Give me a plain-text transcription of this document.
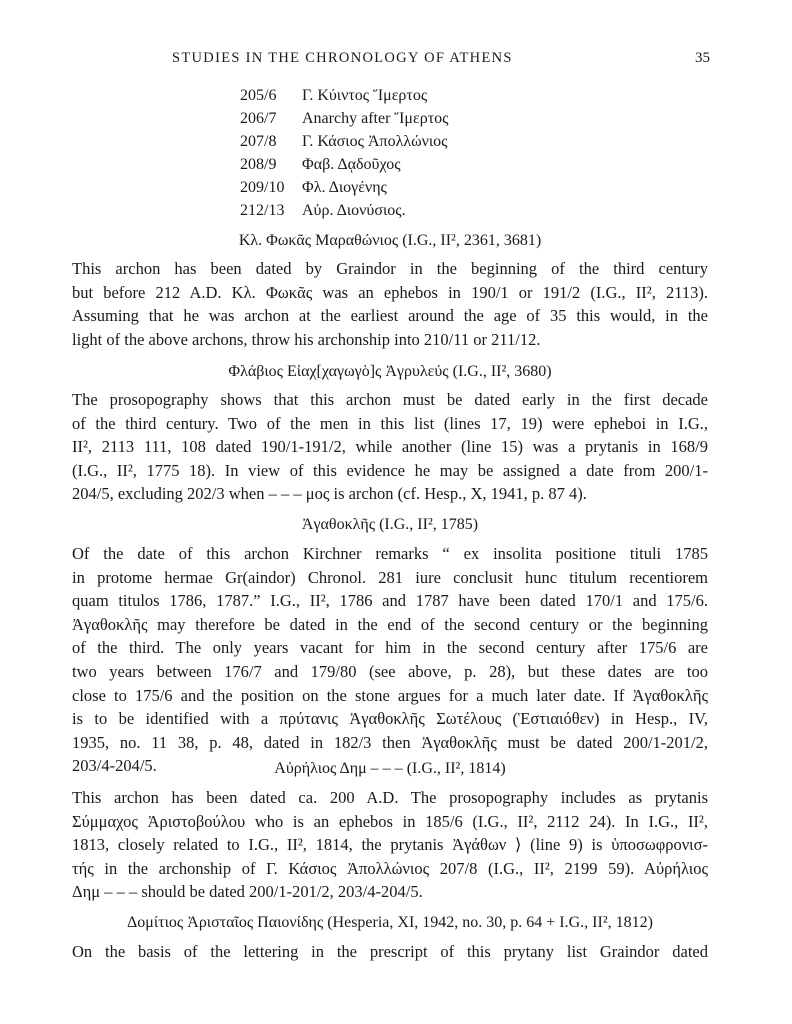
STUDIES IN THE CHRONOLOGY OF ATHENS	35
205/6 Γ. Κύιντος Ἵμερτος
206/7 Anarchy after Ἵμερτος
207/8 Γ. Κάσιος Ἀπολλώνιος
208/9 Φαβ. Δᾳδοῦχος
209/10 Φλ. Διογένης
212/13 Αὐρ. Διονύσιος.
Κλ. Φωκᾶς Μαραθώνιος (I.G., II², 2361, 3681)
This archon has been dated by Graindor in the beginning of the third century
but before 212 A.D. Κλ. Φωκᾶς was an ephebos in 190/1 or 191/2 (I.G., II², 2113).
Assuming that he was archon at the earliest around the age of 35 this would, in the
light of the above archons, throw his archonship into 210/11 or 211/12.
Φλάβιος Εἰαχ[χαγωγὸ]ς Ἀγρυλεύς (I.G., II², 3680)
The prosopography shows that this archon must be dated early in the first decade
of the third century. Two of the men in this list (lines 17, 19) were epheboi in I.G.,
II², 2113 111, 108 dated 190/1-191/2, while another (line 15) was a prytanis in 168/9
(I.G., II², 1775 18). In view of this evidence he may be assigned a date from 200/1-
204/5, excluding 202/3 when – – – μος is archon (cf. Hesp., X, 1941, p. 87 4).
Ἀγαθοκλῆς (I.G., II², 1785)
Of the date of this archon Kirchner remarks “ ex insolita positione tituli 1785
in protome hermae Gr(aindor) Chronol. 281 iure conclusit hunc titulum recentiorem
quam titulos 1786, 1787.” I.G., II², 1786 and 1787 have been dated 170/1 and 175/6.
Ἀγαθοκλῆς may therefore be dated in the end of the second century or the beginning
of the third. The only years vacant for him in the second century after 175/6 are
two years between 176/7 and 179/80 (see above, p. 28), but these dates are too
close to 175/6 and the position on the stone argues for a much later date. If Ἀγαθοκλῆς
is to be identified with a πρύτανις Ἀγαθοκλῆς Σωτέλους (Ἑστιαιόθεν) in Hesp., IV,
1935, no. 11 38, p. 48, dated in 182/3 then Ἀγαθοκλῆς must be dated 200/1-201/2,
203/4-204/5.	Αὐρήλιος Δημ – – – (I.G., II², 1814)
This archon has been dated ca. 200 A.D. The prosopography includes as prytanis
Σύμμαχος Ἀριστοβούλου who is an ephebos in 185/6 (I.G., II², 2112 24). In I.G., II²,
1813, closely related to I.G., II², 1814, the prytanis Ἀγάθων ⟩ (line 9) is ὑποσωφρονισ-
τής in the archonship of Γ. Κάσιος Ἀπολλώνιος 207/8 (I.G., II², 2199 59). Αὐρήλιος
Δημ – – – should be dated 200/1-201/2, 203/4-204/5.
Δομίτιος Ἀρισταῖος Παιονίδης (Hesperia, XI, 1942, no. 30, p. 64 + I.G., II², 1812)
On the basis of the lettering in the prescript of this prytany list Graindor dated
